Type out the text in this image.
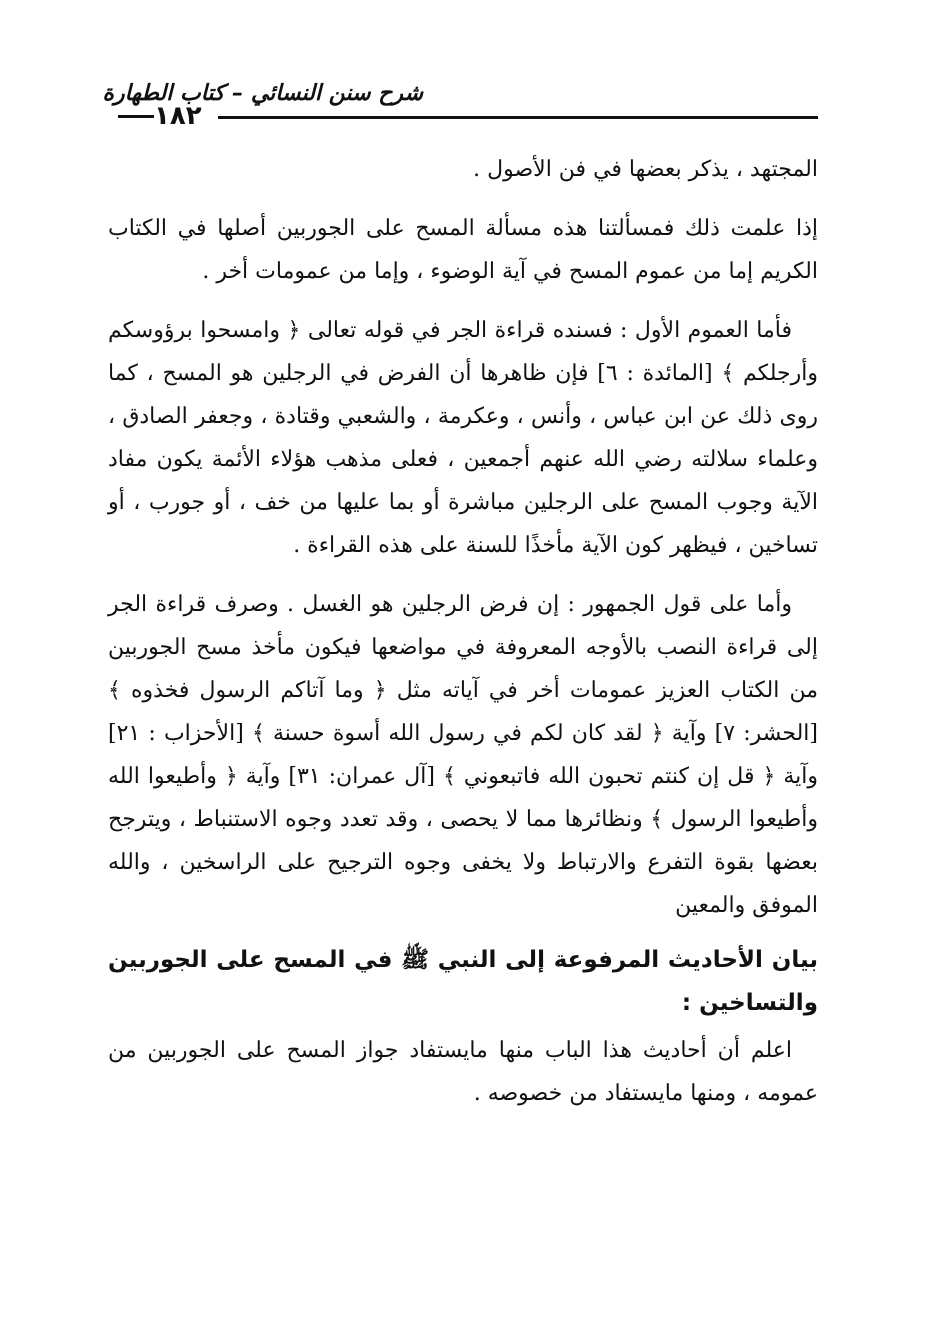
شرح سنن النسائي – كتاب الطهارة
١٨٢

المجتهد ، يذكر بعضها في فن الأصول .

إذا علمت ذلك فمسألتنا هذه مسألة المسح على الجوربين أصلها في الكتاب الكريم إما من عموم المسح في آية الوضوء ، وإما من عمومات أخر .

فأما العموم الأول : فسنده قراءة الجر في قوله تعالى ﴿ وامسحوا برؤوسكم وأرجلكم ﴾ [المائدة : ٦] فإن ظاهرها أن الفرض في الرجلين هو المسح ، كما روى ذلك عن ابن عباس ، وأنس ، وعكرمة ، والشعبي وقتادة ، وجعفر الصادق ، وعلماء سلالته رضي الله عنهم أجمعين ، فعلى مذهب هؤلاء الأئمة يكون مفاد الآية وجوب المسح على الرجلين مباشرة أو بما عليها من خف ، أو جورب ، أو تساخين ، فيظهر كون الآية مأخذًا للسنة على هذه القراءة .

وأما على قول الجمهور : إن فرض الرجلين هو الغسل . وصرف قراءة الجر إلى قراءة النصب بالأوجه المعروفة في مواضعها فيكون مأخذ مسح الجوربين من الكتاب العزيز عمومات أخر في آياته مثل ﴿ وما آتاكم الرسول فخذوه ﴾ [الحشر: ٧] وآية ﴿ لقد كان لكم في رسول الله أسوة حسنة ﴾ [الأحزاب : ٢١] وآية ﴿ قل إن كنتم تحبون الله فاتبعوني ﴾ [آل عمران: ٣١] وآية ﴿ وأطيعوا الله وأطيعوا الرسول ﴾ ونظائرها مما لا يحصى ، وقد تعدد وجوه الاستنباط ، ويترجح بعضها بقوة التفرع والارتباط ولا يخفى وجوه الترجيح على الراسخين ، والله الموفق والمعين

بيان الأحاديث المرفوعة إلى النبي ﷺ في المسح على الجوربين والتساخين :

اعلم أن أحاديث هذا الباب منها مايستفاد جواز المسح على الجوربين من عمومه ، ومنها مايستفاد من خصوصه .
